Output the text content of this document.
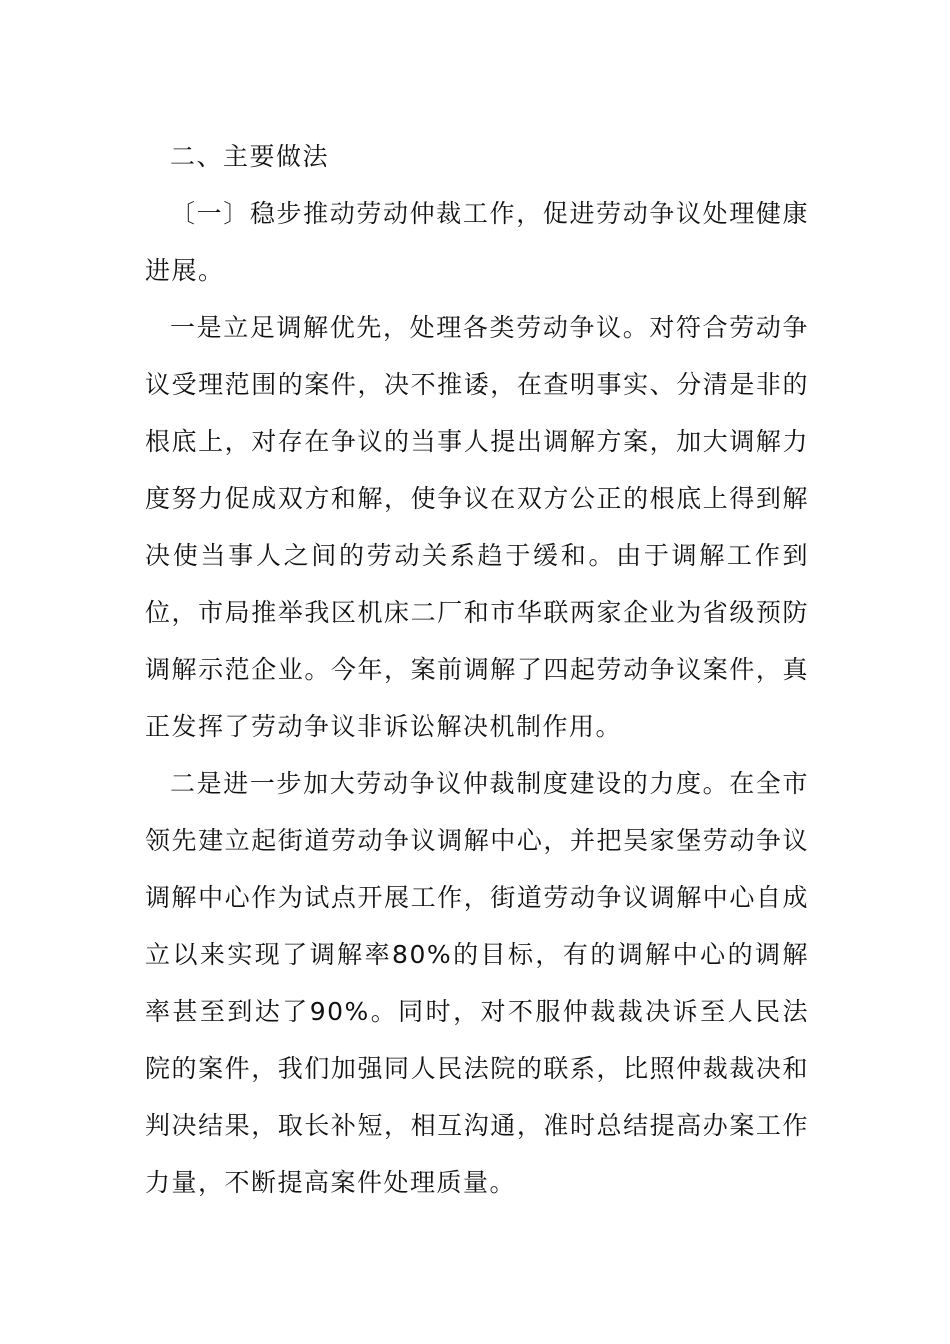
二、主要做法

〔一〕稳步推动劳动仲裁工作，促进劳动争议处理健康进展。

一是立足调解优先，处理各类劳动争议。对符合劳动争议受理范围的案件，决不推诿，在查明事实、分清是非的根底上，对存在争议的当事人提出调解方案，加大调解力度努力促成双方和解，使争议在双方公正的根底上得到解决使当事人之间的劳动关系趋于缓和。由于调解工作到位，市局推举我区机床二厂和市华联两家企业为省级预防调解示范企业。今年，案前调解了四起劳动争议案件，真正发挥了劳动争议非诉讼解决机制作用。

二是进一步加大劳动争议仲裁制度建设的力度。在全市领先建立起街道劳动争议调解中心，并把吴家堡劳动争议调解中心作为试点开展工作，街道劳动争议调解中心自成立以来实现了调解率80%的目标，有的调解中心的调解率甚至到达了90%。同时，对不服仲裁裁决诉至人民法院的案件，我们加强同人民法院的联系，比照仲裁裁决和判决结果，取长补短，相互沟通，准时总结提高办案工作力量，不断提高案件处理质量。
